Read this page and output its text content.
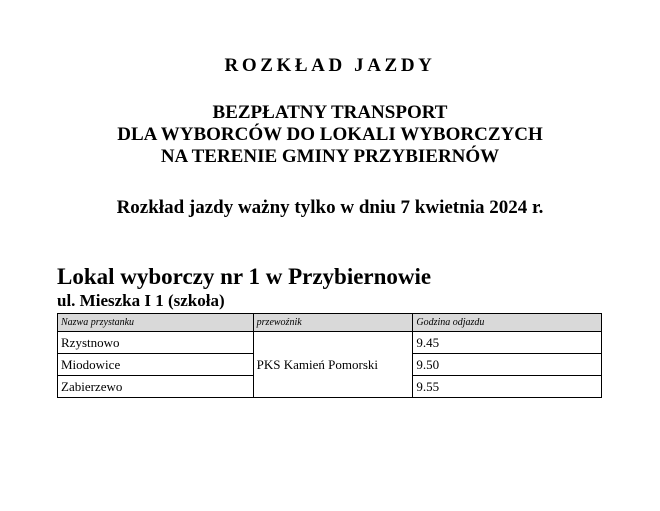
ROZKŁAD JAZDY
BEZPŁATNY TRANSPORT
DLA WYBORCÓW DO LOKALI WYBORCZYCH
NA TERENIE GMINY PRZYBIERNÓW
Rozkład jazdy ważny tylko w dniu 7 kwietnia 2024 r.
Lokal wyborczy nr 1 w Przybiernowie
ul. Mieszka I 1 (szkoła)
Nazwa przystanku	przewoźnik	Godzina odjazdu
Rzystnowo	PKS Kamień Pomorski	9.45
Miodowice		9.50
Zabierzewo		9.55
